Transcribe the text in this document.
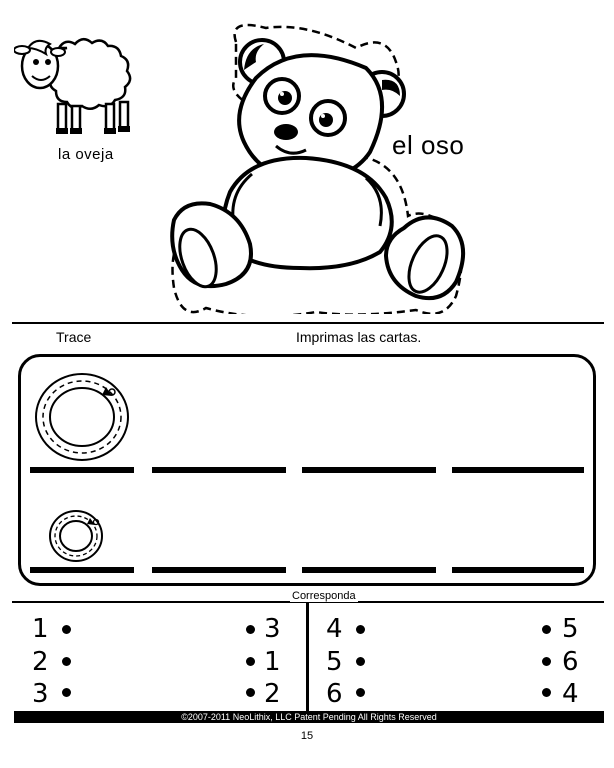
la oveja	el oso
Trace	Imprimas las cartas.
Corresponda
1
2
3
3
1
2
4
5
6
5
6
4
©2007-2011 NeoLithix, LLC Patent Pending All Rights Reserved
15
